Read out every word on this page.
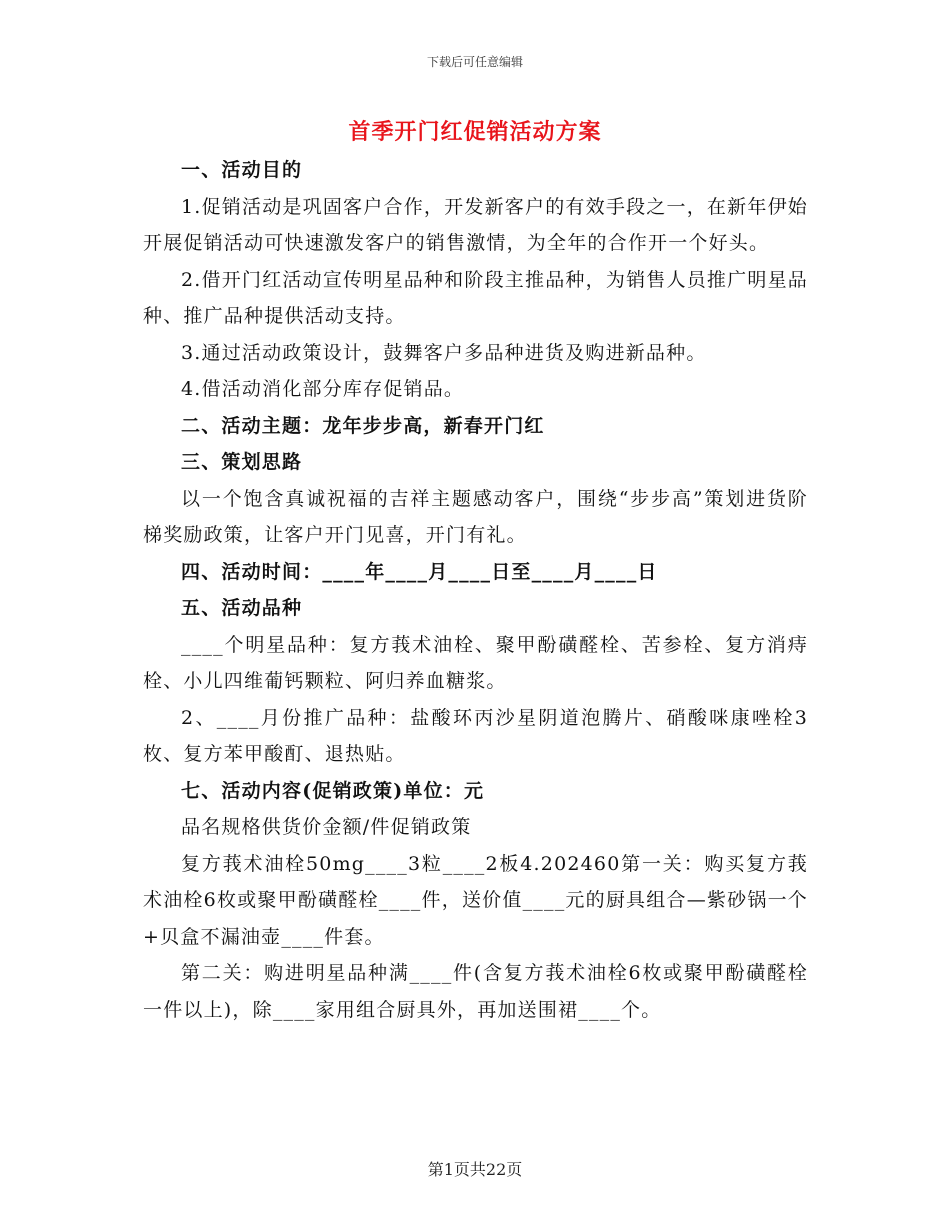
下载后可任意编辑
首季开门红促销活动方案

一、活动目的

1.促销活动是巩固客户合作，开发新客户的有效手段之一，在新年伊始开展促销活动可快速激发客户的销售激情，为全年的合作开一个好头。

2.借开门红活动宣传明星品种和阶段主推品种，为销售人员推广明星品种、推广品种提供活动支持。

3.通过活动政策设计，鼓舞客户多品种进货及购进新品种。

4.借活动消化部分库存促销品。

二、活动主题：龙年步步高，新春开门红

三、策划思路

以一个饱含真诚祝福的吉祥主题感动客户，围绕“步步高”策划进货阶梯奖励政策，让客户开门见喜，开门有礼。

四、活动时间：____年____月____日至____月____日

五、活动品种

____个明星品种：复方莪术油栓、聚甲酚磺醛栓、苦参栓、复方消痔栓、小儿四维葡钙颗粒、阿归养血糖浆。

2、____月份推广品种：盐酸环丙沙星阴道泡腾片、硝酸咪康唑栓3枚、复方苯甲酸酊、退热贴。

七、活动内容(促销政策)单位：元

品名规格供货价金额/件促销政策

复方莪术油栓50mg____3粒____2板4.202460第一关：购买复方莪术油栓6枚或聚甲酚磺醛栓____件，送价值____元的厨具组合—紫砂锅一个+贝盒不漏油壶____件套。

第二关：购进明星品种满____件(含复方莪术油栓6枚或聚甲酚磺醛栓一件以上)，除____家用组合厨具外，再加送围裙____个。

第1页共22页
